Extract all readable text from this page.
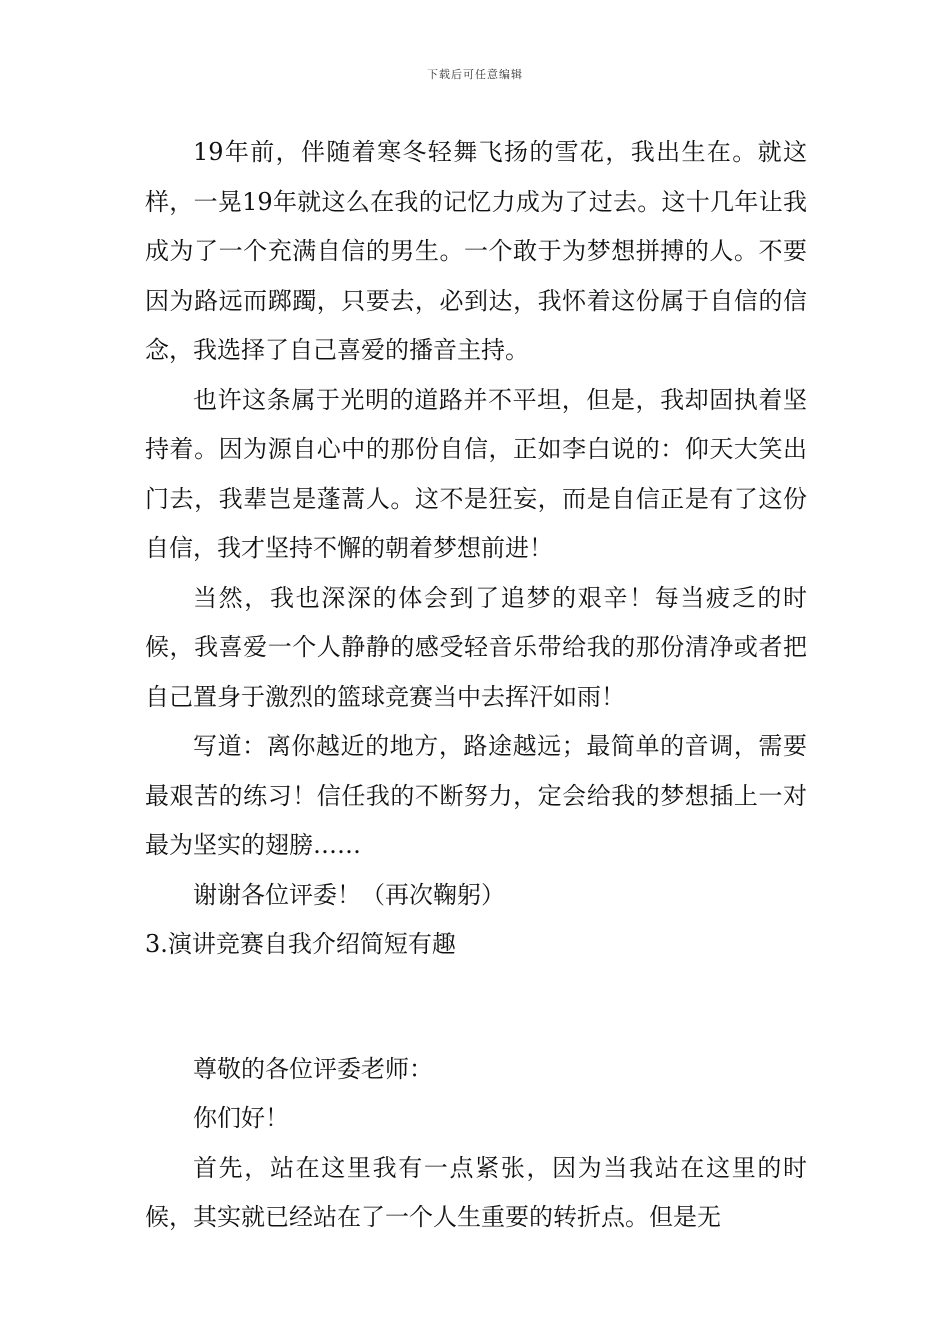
下载后可任意编辑

19年前，伴随着寒冬轻舞飞扬的雪花，我出生在。就这样，一晃19年就这么在我的记忆力成为了过去。这十几年让我成为了一个充满自信的男生。一个敢于为梦想拼搏的人。不要因为路远而踯躅，只要去，必到达，我怀着这份属于自信的信念，我选择了自己喜爱的播音主持。

也许这条属于光明的道路并不平坦，但是，我却固执着坚持着。因为源自心中的那份自信，正如李白说的：仰天大笑出门去，我辈岂是蓬蒿人。这不是狂妄，而是自信正是有了这份自信，我才坚持不懈的朝着梦想前进！

当然，我也深深的体会到了追梦的艰辛！每当疲乏的时候，我喜爱一个人静静的感受轻音乐带给我的那份清净或者把自己置身于激烈的篮球竞赛当中去挥汗如雨！

写道：离你越近的地方，路途越远；最简单的音调，需要最艰苦的练习！信任我的不断努力，定会给我的梦想插上一对最为坚实的翅膀……

谢谢各位评委！（再次鞠躬）

3.演讲竞赛自我介绍简短有趣

尊敬的各位评委老师：

你们好！

首先，站在这里我有一点紧张，因为当我站在这里的时候，其实就已经站在了一个人生重要的转折点。但是无
